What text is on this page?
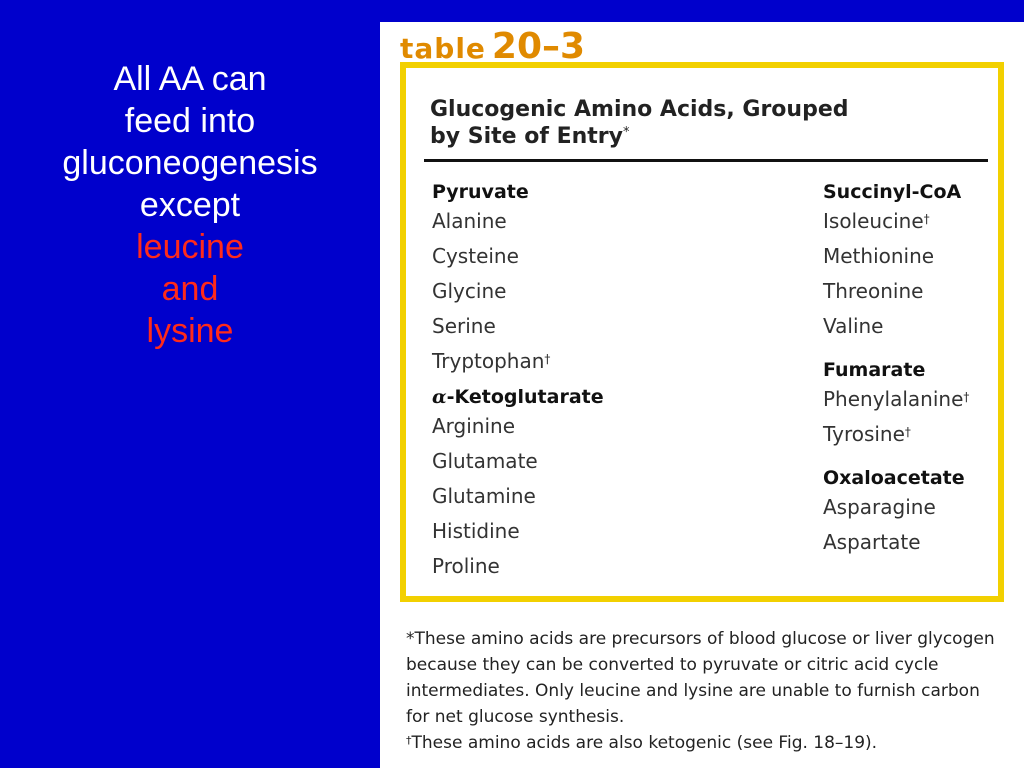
All AA can
feed into
gluconeogenesis
except
leucine
and
lysine
table 20–3
Glucogenic Amino Acids, Grouped
by Site of Entry*
Pyruvate
Alanine
Cysteine
Glycine
Serine
Tryptophan†
α-Ketoglutarate
Arginine
Glutamate
Glutamine
Histidine
Proline
Succinyl-CoA
Isoleucine†
Methionine
Threonine
Valine
Fumarate
Phenylalanine†
Tyrosine†
Oxaloacetate
Asparagine
Aspartate

*These amino acids are precursors of blood glucose or liver glycogen because they can be converted to pyruvate or citric acid cycle intermediates. Only leucine and lysine are unable to furnish carbon for net glucose synthesis.

†These amino acids are also ketogenic (see Fig. 18–19).
